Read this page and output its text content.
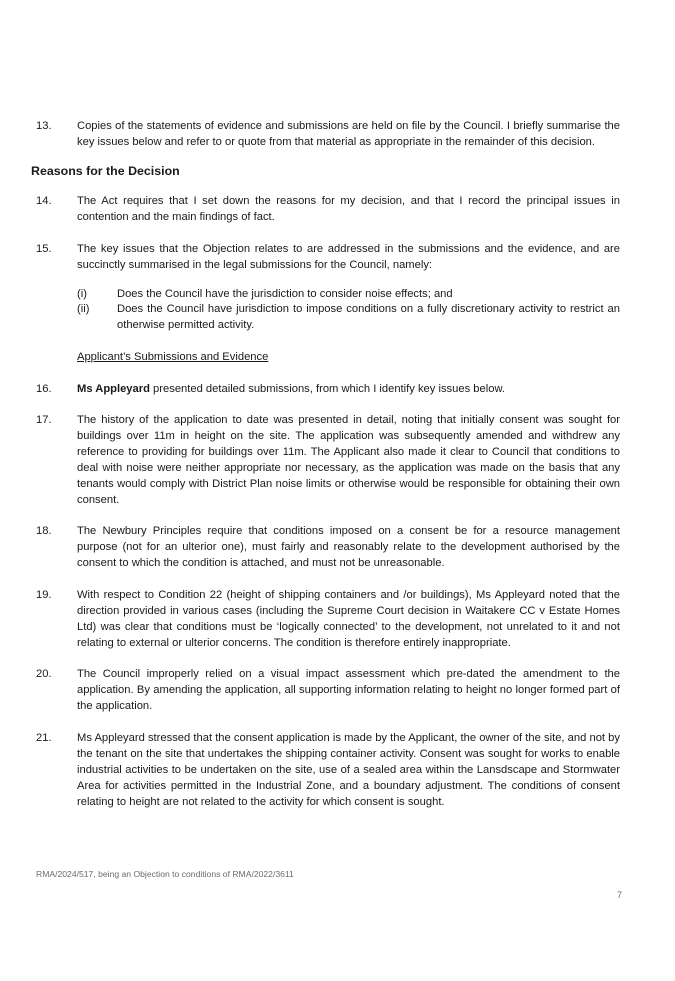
13.	Copies of the statements of evidence and submissions are held on file by the Council. I briefly summarise the key issues below and refer to or quote from that material as appropriate in the remainder of this decision.
Reasons for the Decision
14.	The Act requires that I set down the reasons for my decision, and that I record the principal issues in contention and the main findings of fact.
15.	The key issues that the Objection relates to are addressed in the submissions and the evidence, and are succinctly summarised in the legal submissions for the Council, namely:
(i)	Does the Council have the jurisdiction to consider noise effects; and
(ii) Does the Council have jurisdiction to impose conditions on a fully discretionary activity to restrict an otherwise permitted activity.
Applicant’s Submissions and Evidence
16.	Ms Appleyard presented detailed submissions, from which I identify key issues below.
17.	The history of the application to date was presented in detail, noting that initially consent was sought for buildings over 11m in height on the site. The application was subsequently amended and withdrew any reference to providing for buildings over 11m. The Applicant also made it clear to Council that conditions to deal with noise were neither appropriate nor necessary, as the application was made on the basis that any tenants would comply with District Plan noise limits or otherwise would be responsible for obtaining their own consent.
18.	The Newbury Principles require that conditions imposed on a consent be for a resource management purpose (not for an ulterior one), must fairly and reasonably relate to the development authorised by the consent to which the condition is attached, and must not be unreasonable.
19.	With respect to Condition 22 (height of shipping containers and /or buildings), Ms Appleyard noted that the direction provided in various cases (including the Supreme Court decision in Waitakere CC v Estate Homes Ltd) was clear that conditions must be ‘logically connected’ to the development, not unrelated to it and not relating to external or ulterior concerns. The condition is therefore entirely inappropriate.
20.	The Council improperly relied on a visual impact assessment which pre-dated the amendment to the application. By amending the application, all supporting information relating to height no longer formed part of the application.
21.	Ms Appleyard stressed that the consent application is made by the Applicant, the owner of the site, and not by the tenant on the site that undertakes the shipping container activity. Consent was sought for works to enable industrial activities to be undertaken on the site, use of a sealed area within the Lansdscape and Stormwater Area for activities permitted in the Industrial Zone, and a boundary adjustment. The conditions of consent relating to height are not related to the activity for which consent is sought.
RMA/2024/517, being an Objection to conditions of RMA/2022/3611
7
